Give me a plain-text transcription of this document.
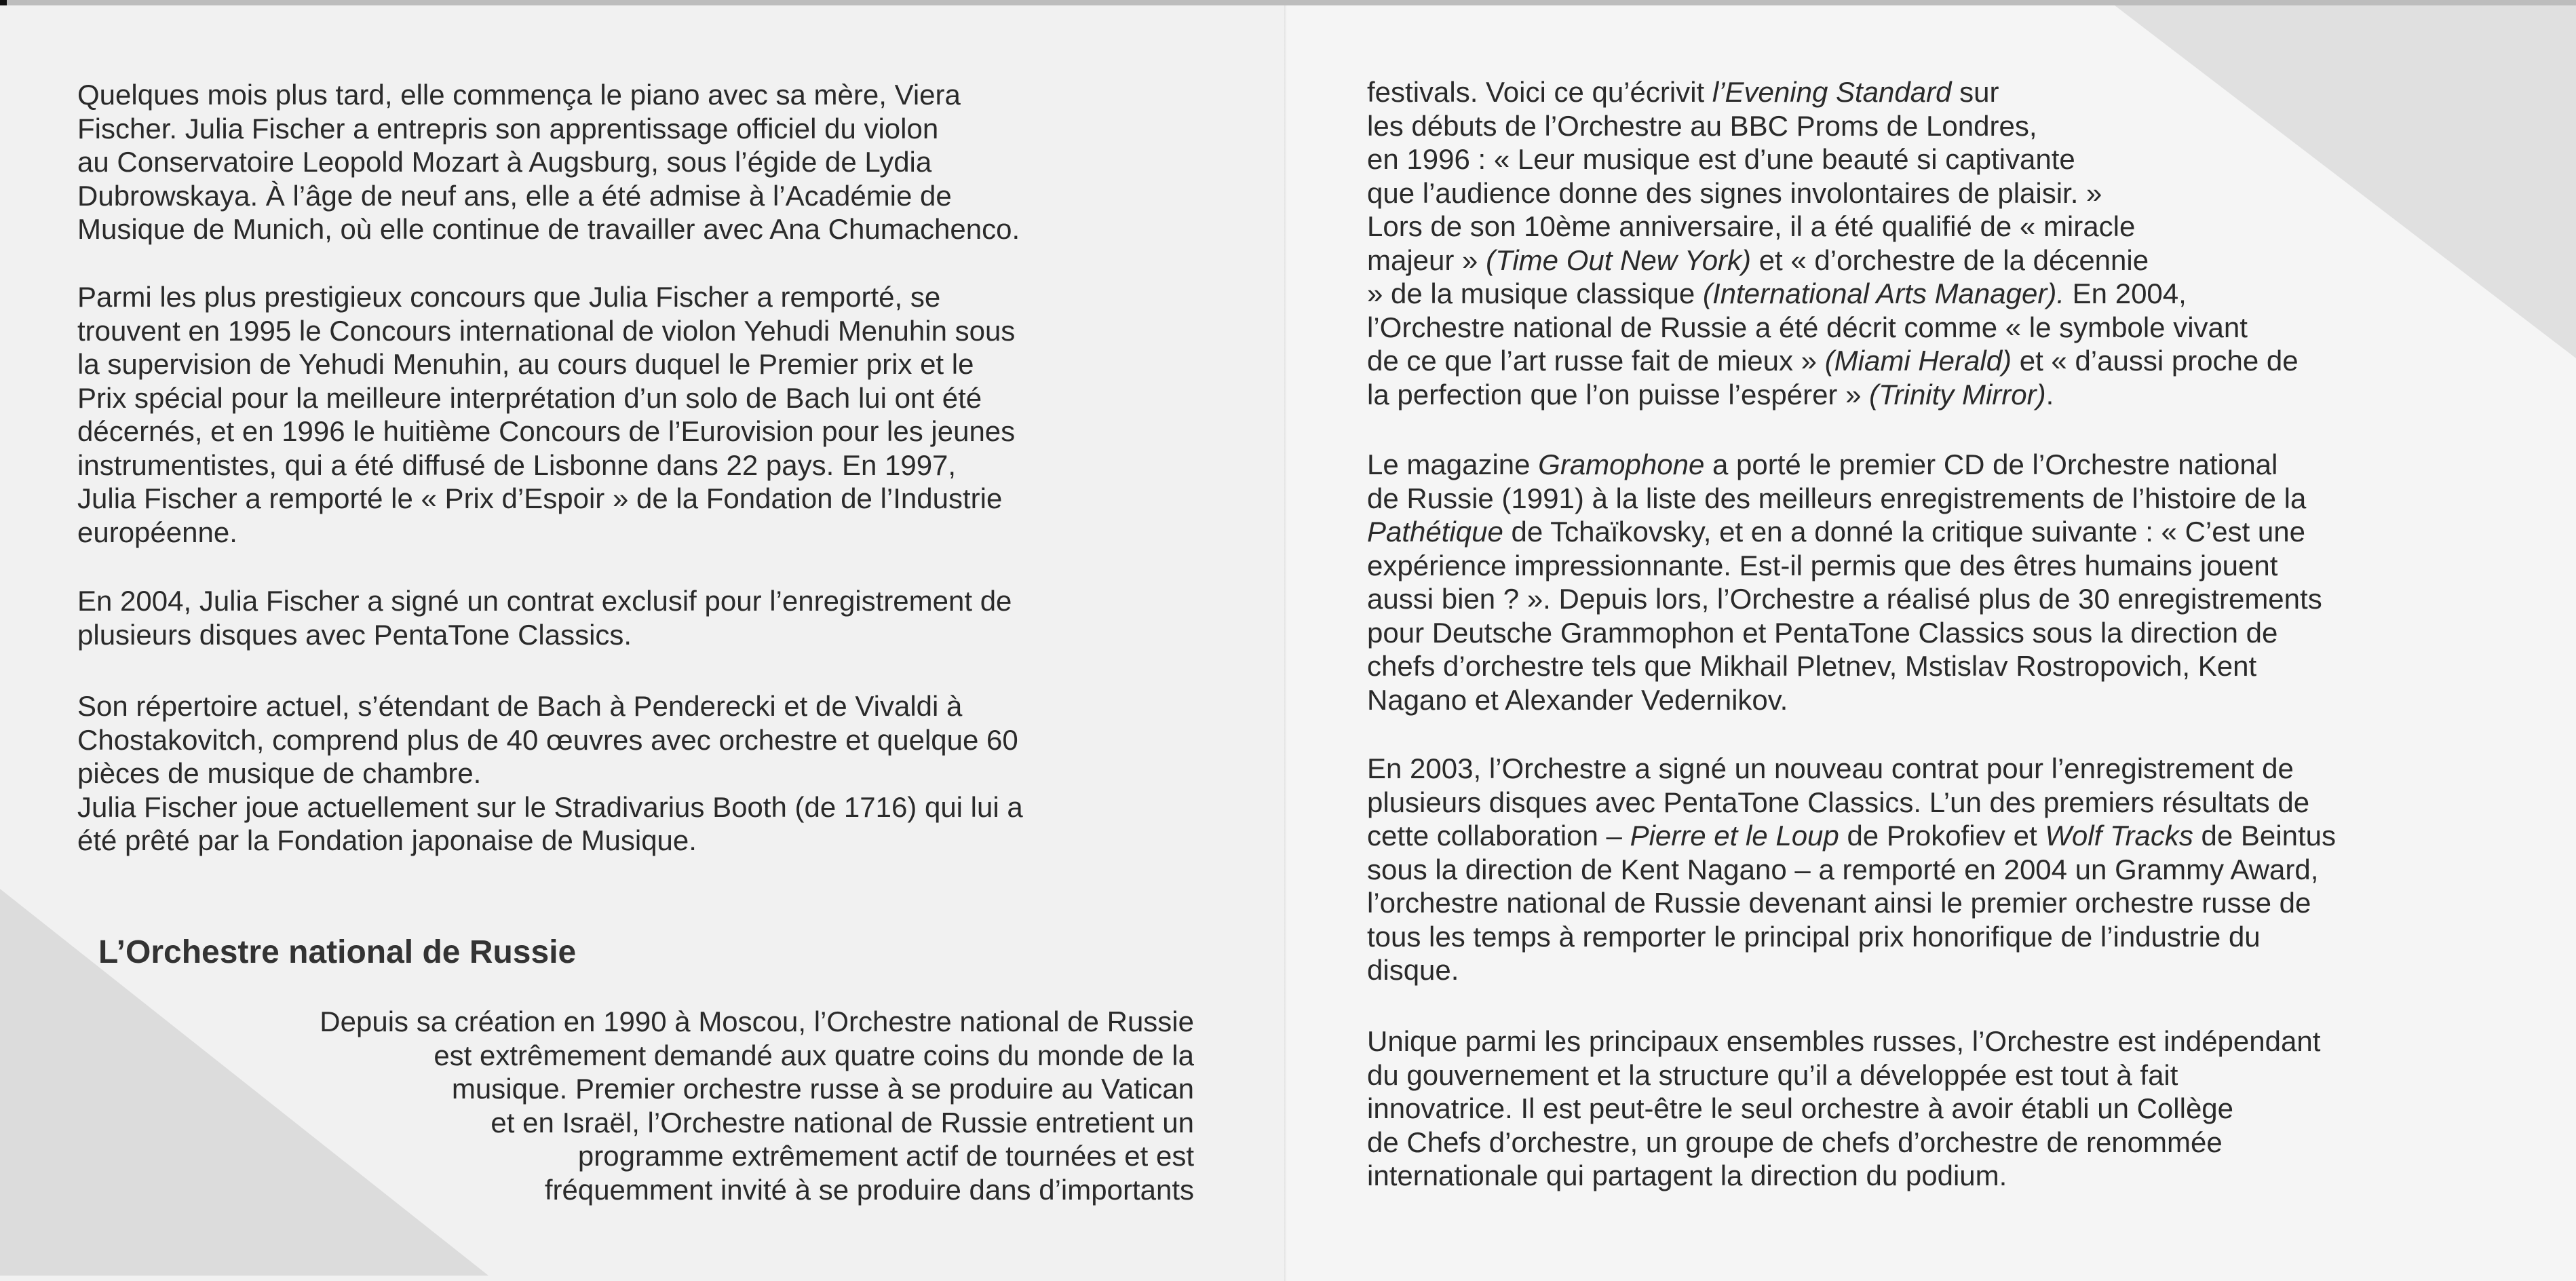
Quelques mois plus tard, elle commença le piano avec sa mère, Viera
Fischer. Julia Fischer a entrepris son apprentissage officiel du violon
au Conservatoire Leopold Mozart à Augsburg, sous l’égide de Lydia
Dubrowskaya. À l’âge de neuf ans, elle a été admise à l’Académie de
Musique de Munich, où elle continue de travailler avec Ana Chumachenco.
Parmi les plus prestigieux concours que Julia Fischer a remporté, se
trouvent en 1995 le Concours international de violon Yehudi Menuhin sous
la supervision de Yehudi Menuhin, au cours duquel le Premier prix et le
Prix spécial pour la meilleure interprétation d’un solo de Bach lui ont été
décernés, et en 1996 le huitième Concours de l’Eurovision pour les jeunes
instrumentistes, qui a été diffusé de Lisbonne dans 22 pays. En 1997,
Julia Fischer a remporté le « Prix d’Espoir » de la Fondation de l’Industrie
européenne.
En 2004, Julia Fischer a signé un contrat exclusif pour l’enregistrement de
plusieurs disques avec PentaTone Classics.
Son répertoire actuel, s’étendant de Bach à Penderecki et de Vivaldi à
Chostakovitch, comprend plus de 40 œuvres avec orchestre et quelque 60
pièces de musique de chambre.
Julia Fischer joue actuellement sur le Stradivarius Booth (de 1716) qui lui a
été prêté par la Fondation japonaise de Musique.
L’Orchestre national de Russie
Depuis sa création en 1990 à Moscou, l’Orchestre national de Russie
est extrêmement demandé aux quatre coins du monde de la
musique. Premier orchestre russe à se produire au Vatican
et en Israël, l’Orchestre national de Russie entretient un
programme extrêmement actif de tournées et est
fréquemment invité à se produire dans d’importants
festivals. Voici ce qu’écrivit l’Evening Standard sur
les débuts de l’Orchestre au BBC Proms de Londres,
en 1996 : « Leur musique est d’une beauté si captivante
que l’audience donne des signes involontaires de plaisir. »
Lors de son 10ème anniversaire, il a été qualifié de « miracle
majeur » (Time Out New York) et « d’orchestre de la décennie
» de la musique classique (International Arts Manager). En 2004,
l’Orchestre national de Russie a été décrit comme « le symbole vivant
de ce que l’art russe fait de mieux » (Miami Herald) et « d’aussi proche de
la perfection que l’on puisse l’espérer » (Trinity Mirror).
Le magazine Gramophone a porté le premier CD de l’Orchestre national
de Russie (1991) à la liste des meilleurs enregistrements de l’histoire de la
Pathétique de Tchaïkovsky, et en a donné la critique suivante : « C’est une
expérience impressionnante. Est-il permis que des êtres humains jouent
aussi bien ? ». Depuis lors, l’Orchestre a réalisé plus de 30 enregistrements
pour Deutsche Grammophon et PentaTone Classics sous la direction de
chefs d’orchestre tels que Mikhail Pletnev, Mstislav Rostropovich, Kent
Nagano et Alexander Vedernikov.
En 2003, l’Orchestre a signé un nouveau contrat pour l’enregistrement de
plusieurs disques avec PentaTone Classics. L’un des premiers résultats de
cette collaboration – Pierre et le Loup de Prokofiev et Wolf Tracks de Beintus
sous la direction de Kent Nagano – a remporté en 2004 un Grammy Award,
l’orchestre national de Russie devenant ainsi le premier orchestre russe de
tous les temps à remporter le principal prix honorifique de l’industrie du
disque.
Unique parmi les principaux ensembles russes, l’Orchestre est indépendant
du gouvernement et la structure qu’il a développée est tout à fait
innovatrice. Il est peut-être le seul orchestre à avoir établi un Collège
de Chefs d’orchestre, un groupe de chefs d’orchestre de renommée
internationale qui partagent la direction du podium.
